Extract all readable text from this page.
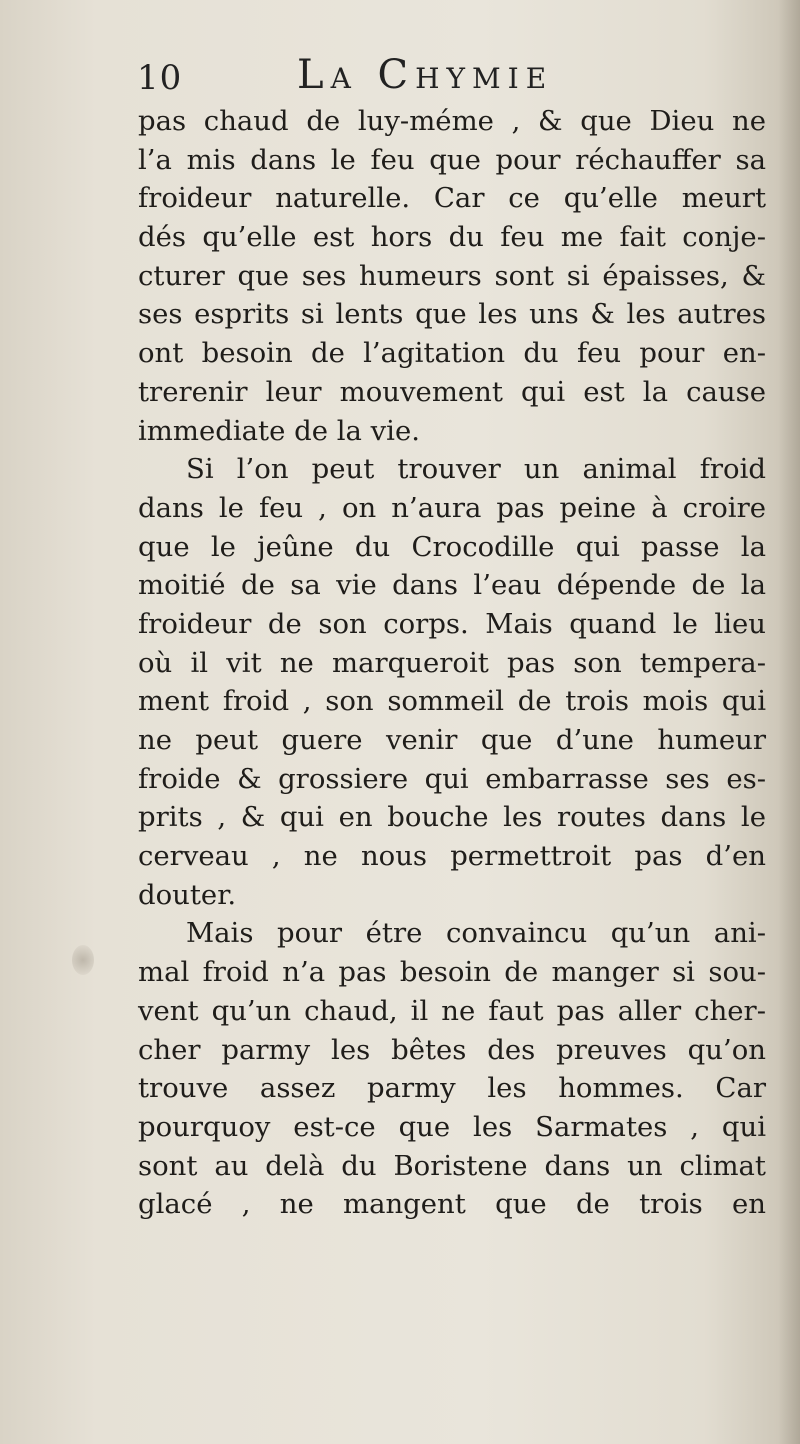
10	La Chymie
pas chaud de luy-méme , & que Dieu ne
l’a mis dans le feu que pour réchauffer sa
froideur naturelle. Car ce qu’elle meurt
dés qu’elle est hors du feu me fait conje-
cturer que ses humeurs sont si épaisses, &
ses esprits si lents que les uns & les autres
ont besoin de l’agitation du feu pour en-
trerenir leur mouvement qui est la cause
immediate de la vie.
Si l’on peut trouver un animal froid
dans le feu , on n’aura pas peine à croire
que le jeûne du Crocodille qui passe la
moitié de sa vie dans l’eau dépende de la
froideur de son corps. Mais quand le lieu
où il vit ne marqueroit pas son tempera-
ment froid , son sommeil de trois mois qui
ne peut guere venir que d’une humeur
froide & grossiere qui embarrasse ses es-
prits , & qui en bouche les routes dans le
cerveau , ne nous permettroit pas d’en
douter.
Mais pour étre convaincu qu’un ani-
mal froid n’a pas besoin de manger si sou-
vent qu’un chaud, il ne faut pas aller cher-
cher parmy les bêtes des preuves qu’on
trouve assez parmy les hommes. Car
pourquoy est-ce que les Sarmates , qui
sont au delà du Boristene dans un climat
glacé , ne mangent que de trois en
